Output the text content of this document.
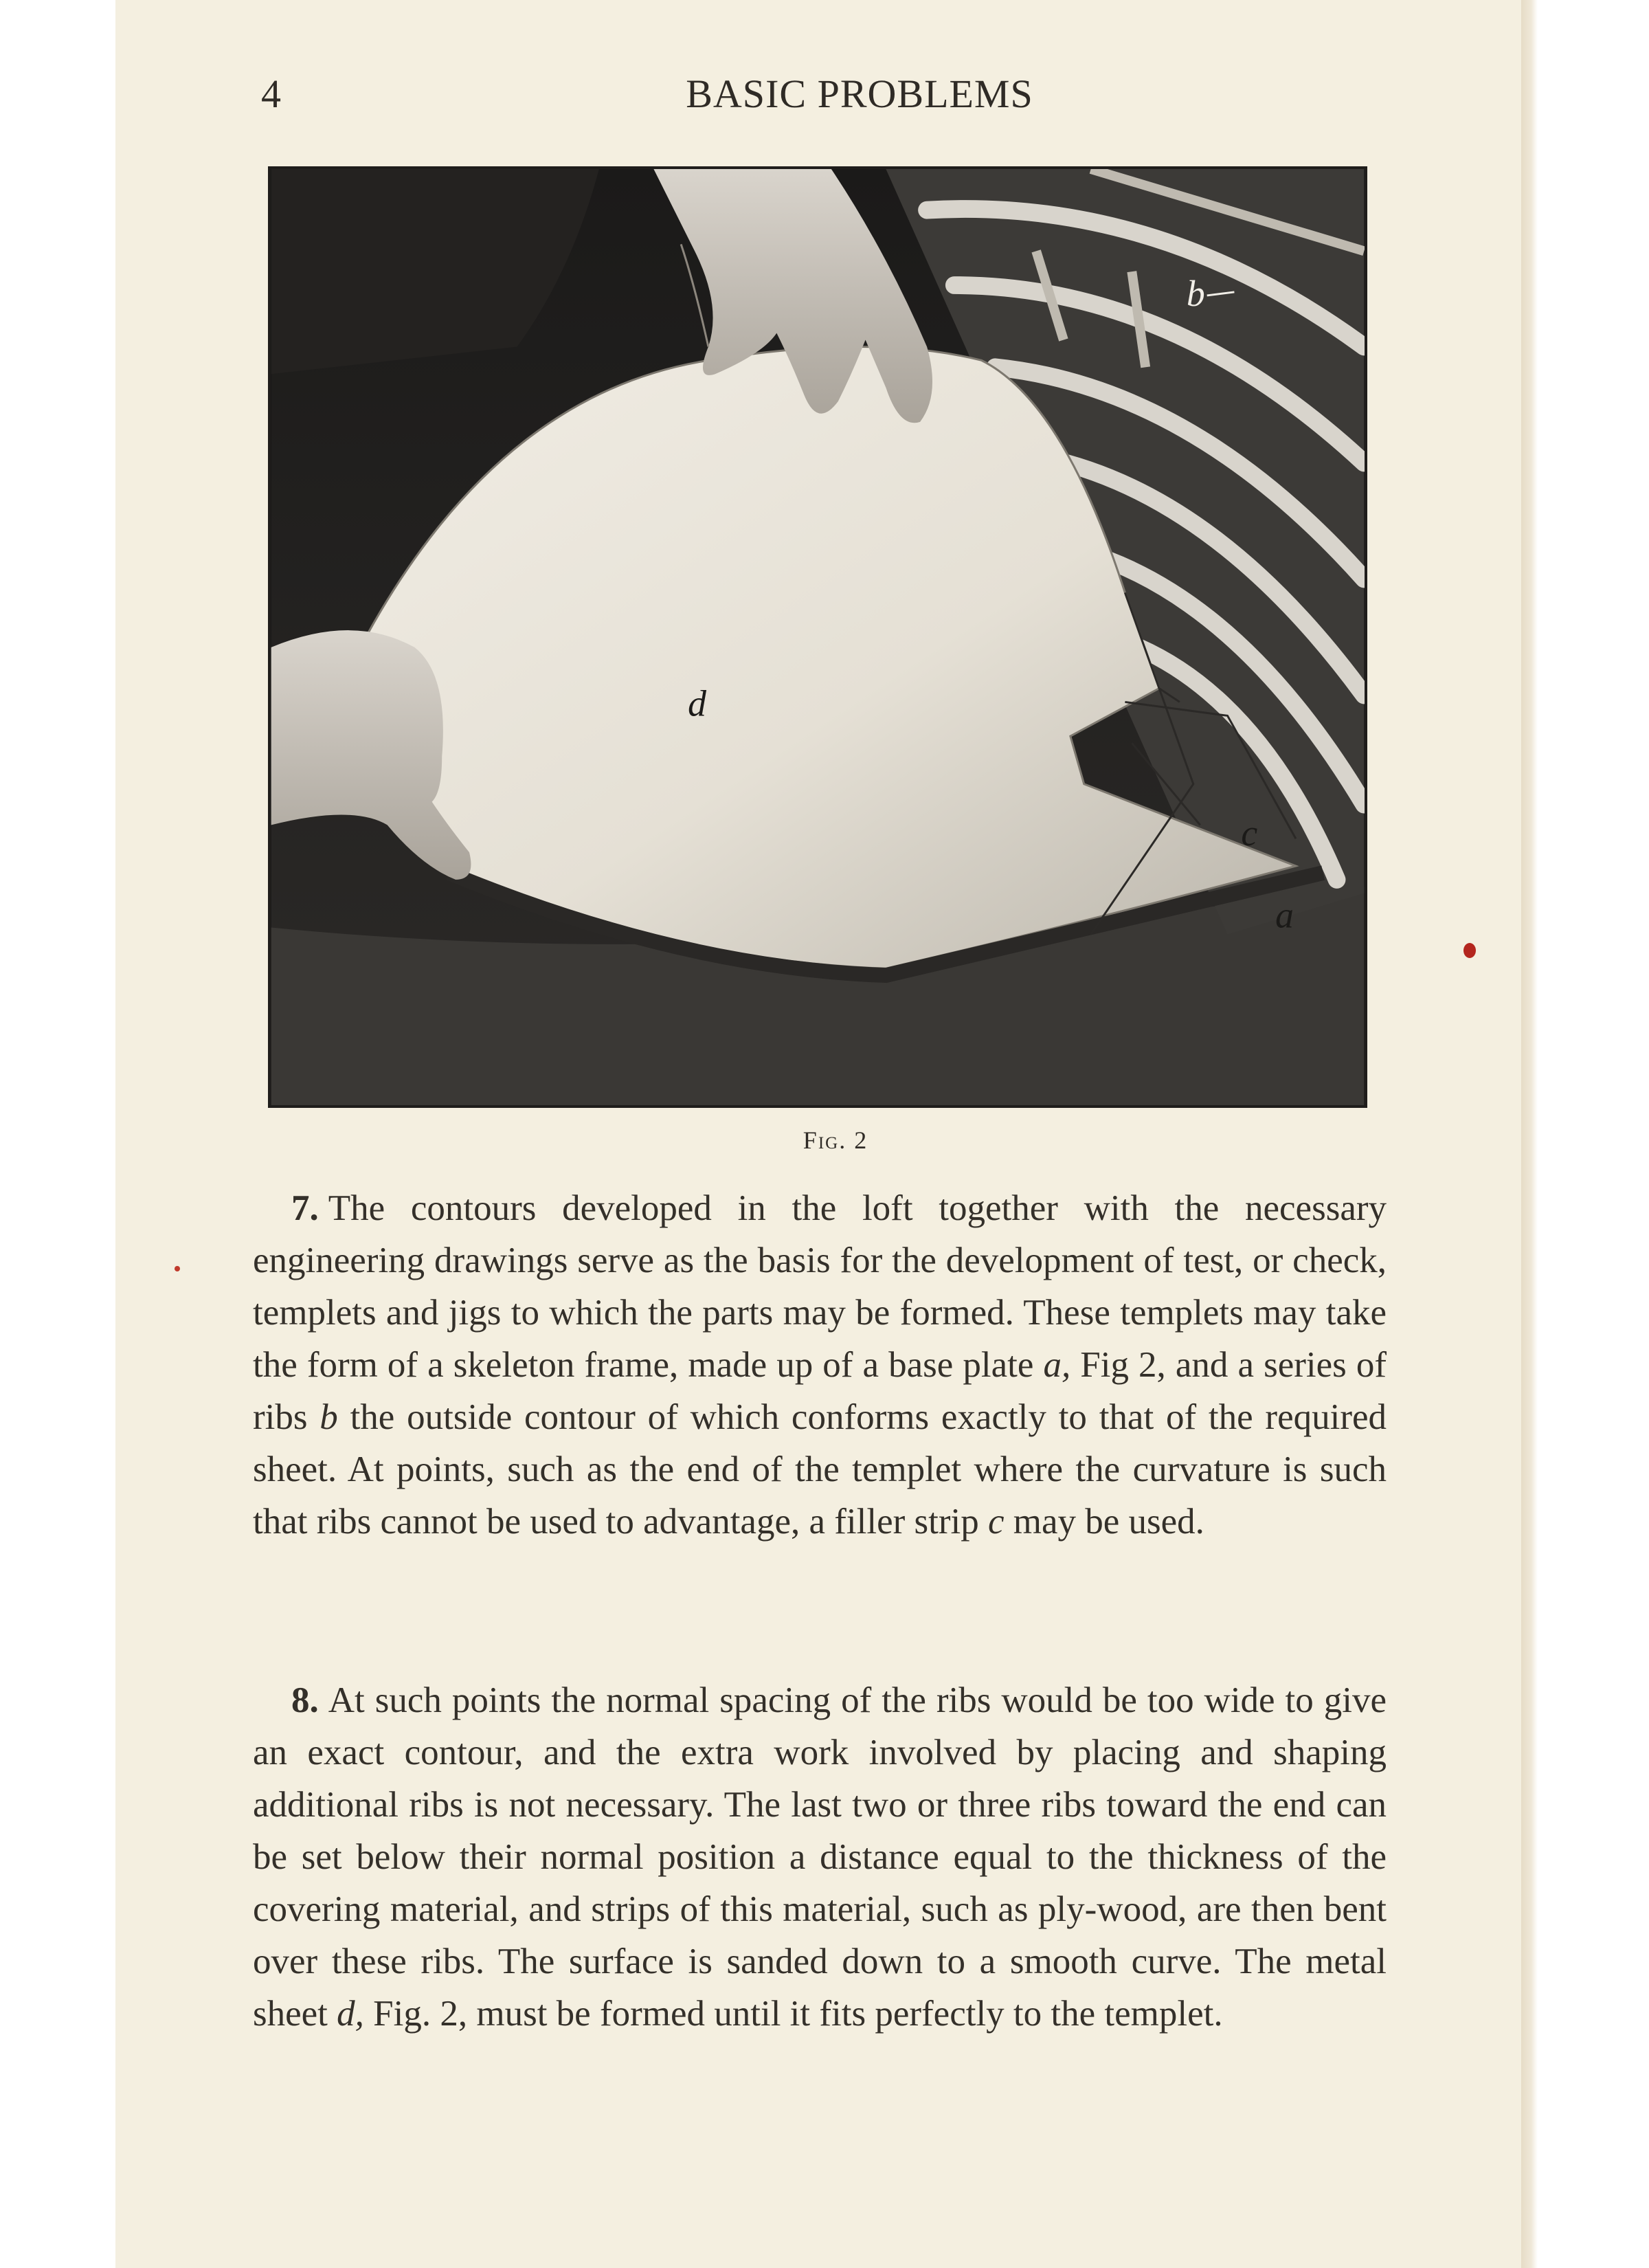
4	BASIC PROBLEMS
b
d
c
a
Fig. 2

7. The contours developed in the loft together with the necessary engineering drawings serve as the basis for the development of test, or check, templets and jigs to which the parts may be formed. These templets may take the form of a skeleton frame, made up of a base plate a, Fig 2, and a series of ribs b the outside contour of which conforms exactly to that of the required sheet. At points, such as the end of the templet where the curvature is such that ribs cannot be used to advantage, a filler strip c may be used.

8. At such points the normal spacing of the ribs would be too wide to give an exact contour, and the extra work involved by placing and shaping additional ribs is not necessary. The last two or three ribs toward the end can be set below their normal position a distance equal to the thickness of the covering material, and strips of this material, such as ply-wood, are then bent over these ribs. The surface is sanded down to a smooth curve. The metal sheet d, Fig. 2, must be formed until it fits perfectly to the templet.
